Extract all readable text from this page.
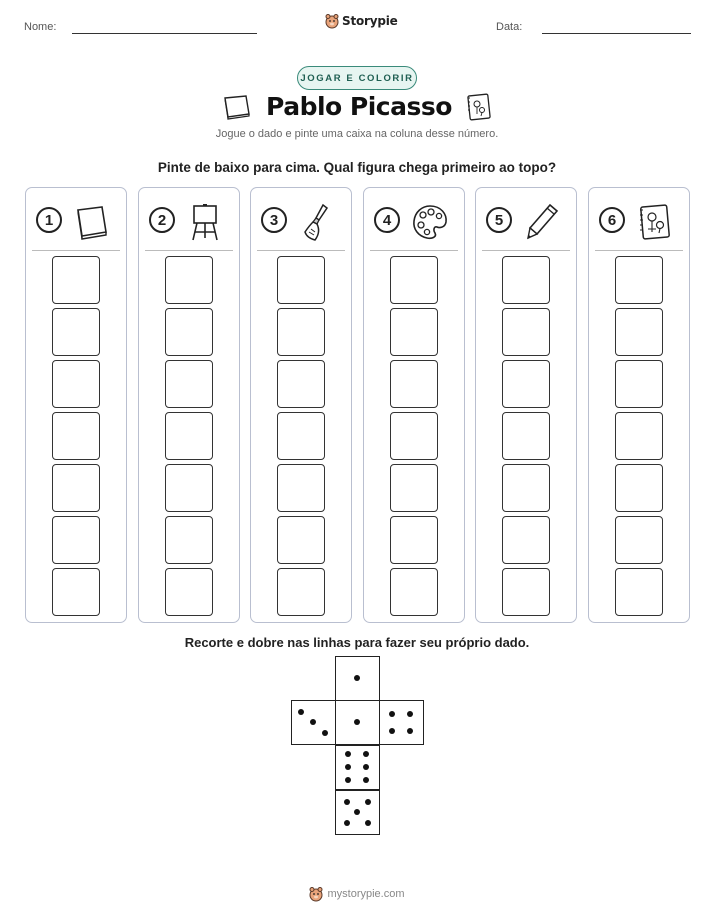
Nome:	Storypie	Data:
JOGAR E COLORIR
Pablo Picasso
Jogue o dado e pinte uma caixa na coluna desse número.
Pinte de baixo para cima. Qual figura chega primeiro ao topo?
1	2	3	4	5	6
Recorte e dobre nas linhas para fazer seu próprio dado.
mystorypie.com
